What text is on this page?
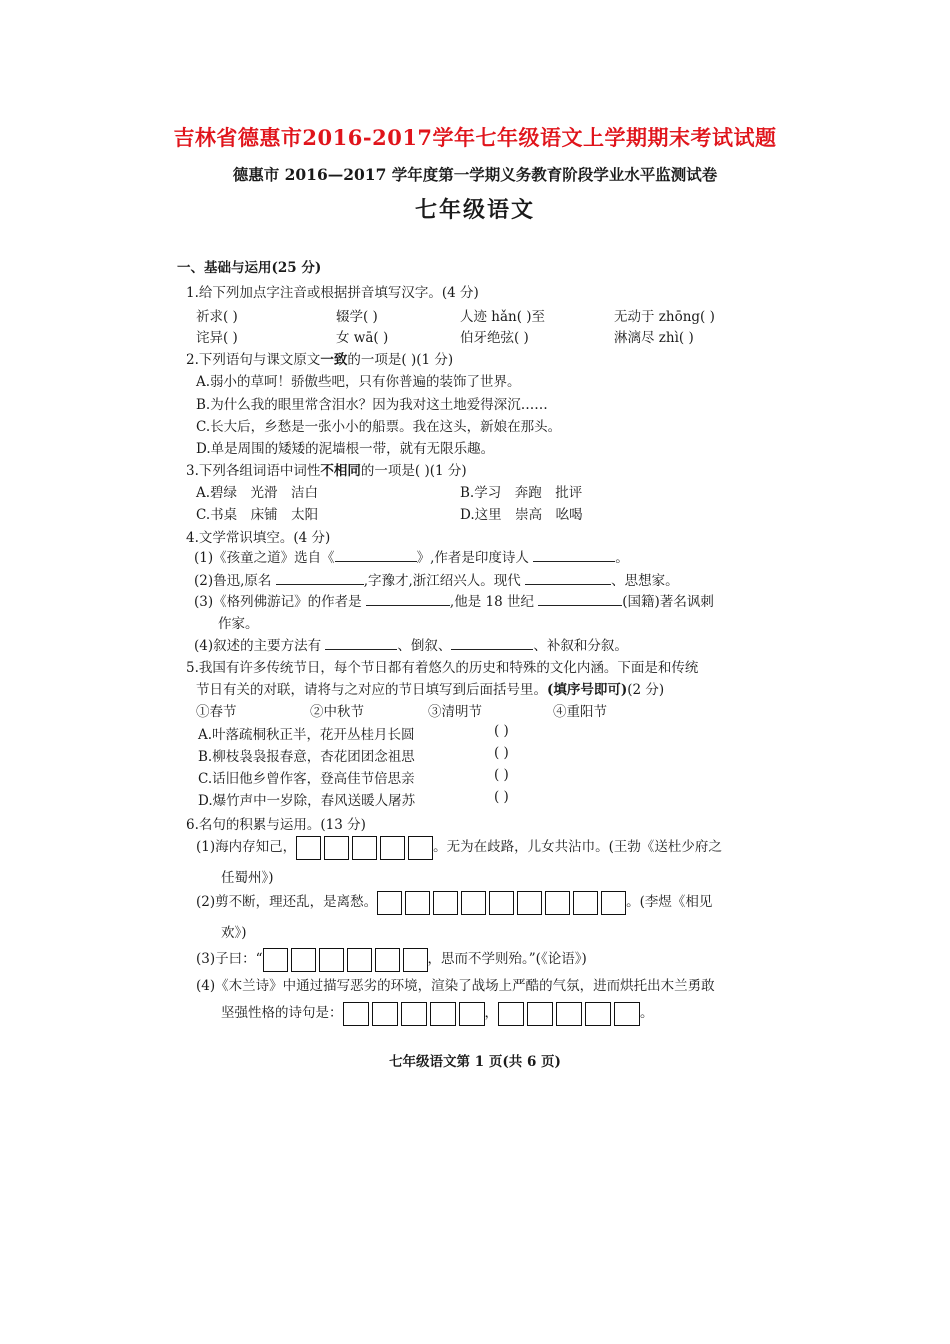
吉林省德惠市2016-2017学年七年级语文上学期期末考试试题
德惠市 2016—2017 学年度第一学期义务教育阶段学业水平监测试卷
七年级语文
一、基础与运用(25 分)
1.给下列加点字注音或根据拼音填写汉字。(4 分)
祈求( )	辍学( )	人迹 hǎn( )至	无动于 zhōng( )
诧异( )	女 wā( )	伯牙绝弦( )	淋漓尽 zhì( )
2.下列语句与课文原文一致的一项是( )(1 分)
A.弱小的草呵！骄傲些吧，只有你普遍的装饰了世界。
B.为什么我的眼里常含泪水？因为我对这土地爱得深沉……
C.长大后，乡愁是一张小小的船票。我在这头，新娘在那头。
D.单是周围的矮矮的泥墙根一带，就有无限乐趣。
3.下列各组词语中词性不相同的一项是( )(1 分)
A.碧绿　光滑　洁白	B.学习　奔跑　批评
C.书桌　床铺　太阳	D.这里　崇高　吆喝
4.文学常识填空。(4 分)
(1)《孩童之道》选自《	》,作者是印度诗人	。
(2)鲁迅,原名	,字豫才,浙江绍兴人。现代	、思想家。
(3)《格列佛游记》的作者是	,他是 18 世纪	(国籍)著名讽刺
作家。
(4)叙述的主要方法有	、倒叙、	、补叙和分叙。
5.我国有许多传统节日，每个节日都有着悠久的历史和特殊的文化内涵。下面是和传统
节日有关的对联，请将与之对应的节日填写到后面括号里。(填序号即可)(2 分)
①春节	②中秋节	③清明节	④重阳节
A.叶落疏桐秋正半，花开丛桂月长圆	( )
B.柳枝袅袅报春意，杏花团团念祖思	( )
C.话旧他乡曾作客，登高佳节倍思亲	( )
D.爆竹声中一岁除，春风送暖人屠苏	( )
6.名句的积累与运用。(13 分)
(1)海内存知己，	。无为在歧路，儿女共沾巾。(王勃《送杜少府之
任蜀州》)
(2)剪不断，理还乱，是离愁。	。(李煜《相见
欢》)
(3)子曰：“	，思而不学则殆。”(《论语》)
(4)《木兰诗》中通过描写恶劣的环境，渲染了战场上严酷的气氛，进而烘托出木兰勇敢
坚强性格的诗句是：	，	。
七年级语文第 1 页(共 6 页)
